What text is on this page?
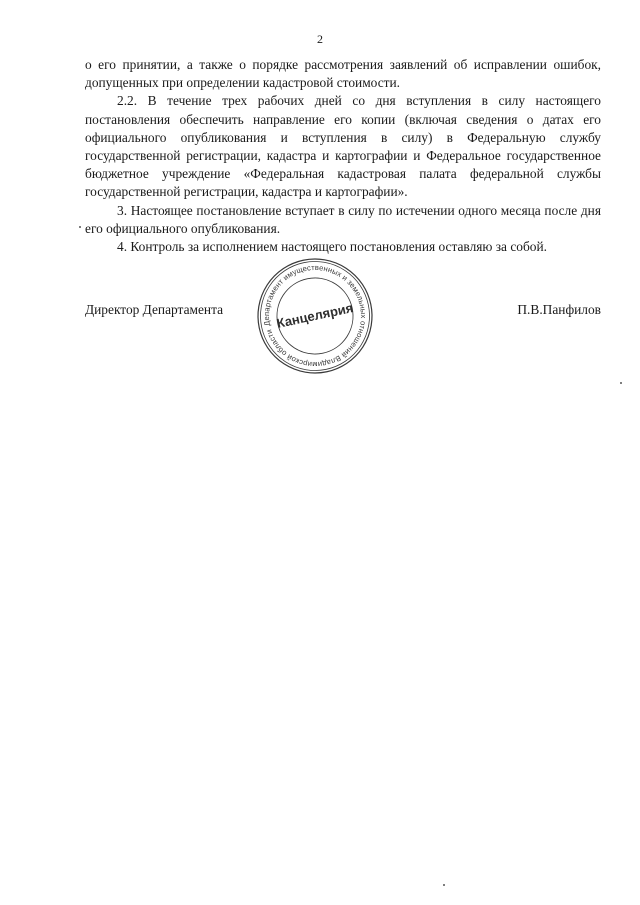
2

о его принятии, а также о порядке рассмотрения заявлений об исправлении ошибок, допущенных при определении кадастровой стоимости.

2.2. В течение трех рабочих дней со дня вступления в силу настоящего постановления обеспечить направление его копии (включая сведения о датах его официального опубликования и вступления в силу) в Федеральную службу государственной регистрации, кадастра и картографии и Федеральное государственное бюджетное учреждение «Федеральная кадастровая палата федеральной службы государственной регистрации, кадастра и картографии».

3. Настоящее постановление вступает в силу по истечении одного месяца после дня его официального опубликования.

4. Контроль за исполнением настоящего постановления оставляю за собой.

Директор Департамента	П.В.Панфилов
Департамент имущественных и земельных отношений Владимирской области
Канцелярия
